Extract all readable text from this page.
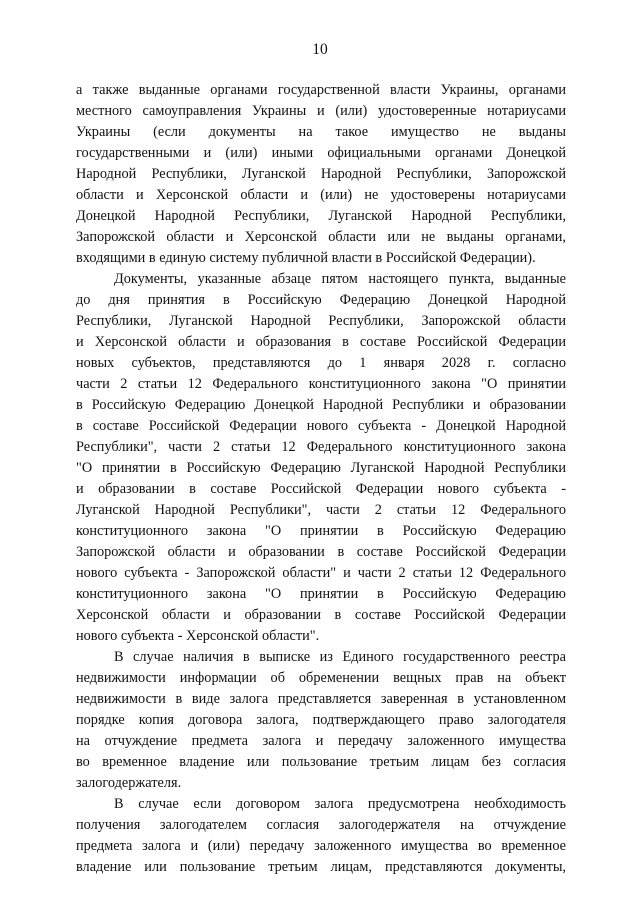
10
а также выданные органами государственной власти Украины, органами
местного самоуправления Украины и (или) удостоверенные нотариусами
Украины (если документы на такое имущество не выданы
государственными и (или) иными официальными органами Донецкой
Народной Республики, Луганской Народной Республики, Запорожской
области и Херсонской области и (или) не удостоверены нотариусами
Донецкой Народной Республики, Луганской Народной Республики,
Запорожской области и Херсонской области или не выданы органами,
входящими в единую систему публичной власти в Российской Федерации).
Документы, указанные абзаце пятом настоящего пункта, выданные
до дня принятия в Российскую Федерацию Донецкой Народной
Республики, Луганской Народной Республики, Запорожской области
и Херсонской области и образования в составе Российской Федерации
новых субъектов, представляются до 1 января 2028 г. согласно
части 2 статьи 12 Федерального конституционного закона "О принятии
в Российскую Федерацию Донецкой Народной Республики и образовании
в составе Российской Федерации нового субъекта - Донецкой Народной
Республики", части 2 статьи 12 Федерального конституционного закона
"О принятии в Российскую Федерацию Луганской Народной Республики
и образовании в составе Российской Федерации нового субъекта -
Луганской Народной Республики", части 2 статьи 12 Федерального
конституционного закона "О принятии в Российскую Федерацию
Запорожской области и образовании в составе Российской Федерации
нового субъекта - Запорожской области" и части 2 статьи 12 Федерального
конституционного закона "О принятии в Российскую Федерацию
Херсонской области и образовании в составе Российской Федерации
нового субъекта - Херсонской области".
В случае наличия в выписке из Единого государственного реестра
недвижимости информации об обременении вещных прав на объект
недвижимости в виде залога представляется заверенная в установленном
порядке копия договора залога, подтверждающего право залогодателя
на отчуждение предмета залога и передачу заложенного имущества
во временное владение или пользование третьим лицам без согласия
залогодержателя.
В случае если договором залога предусмотрена необходимость
получения залогодателем согласия залогодержателя на отчуждение
предмета залога и (или) передачу заложенного имущества во временное
владение или пользование третьим лицам, представляются документы,
